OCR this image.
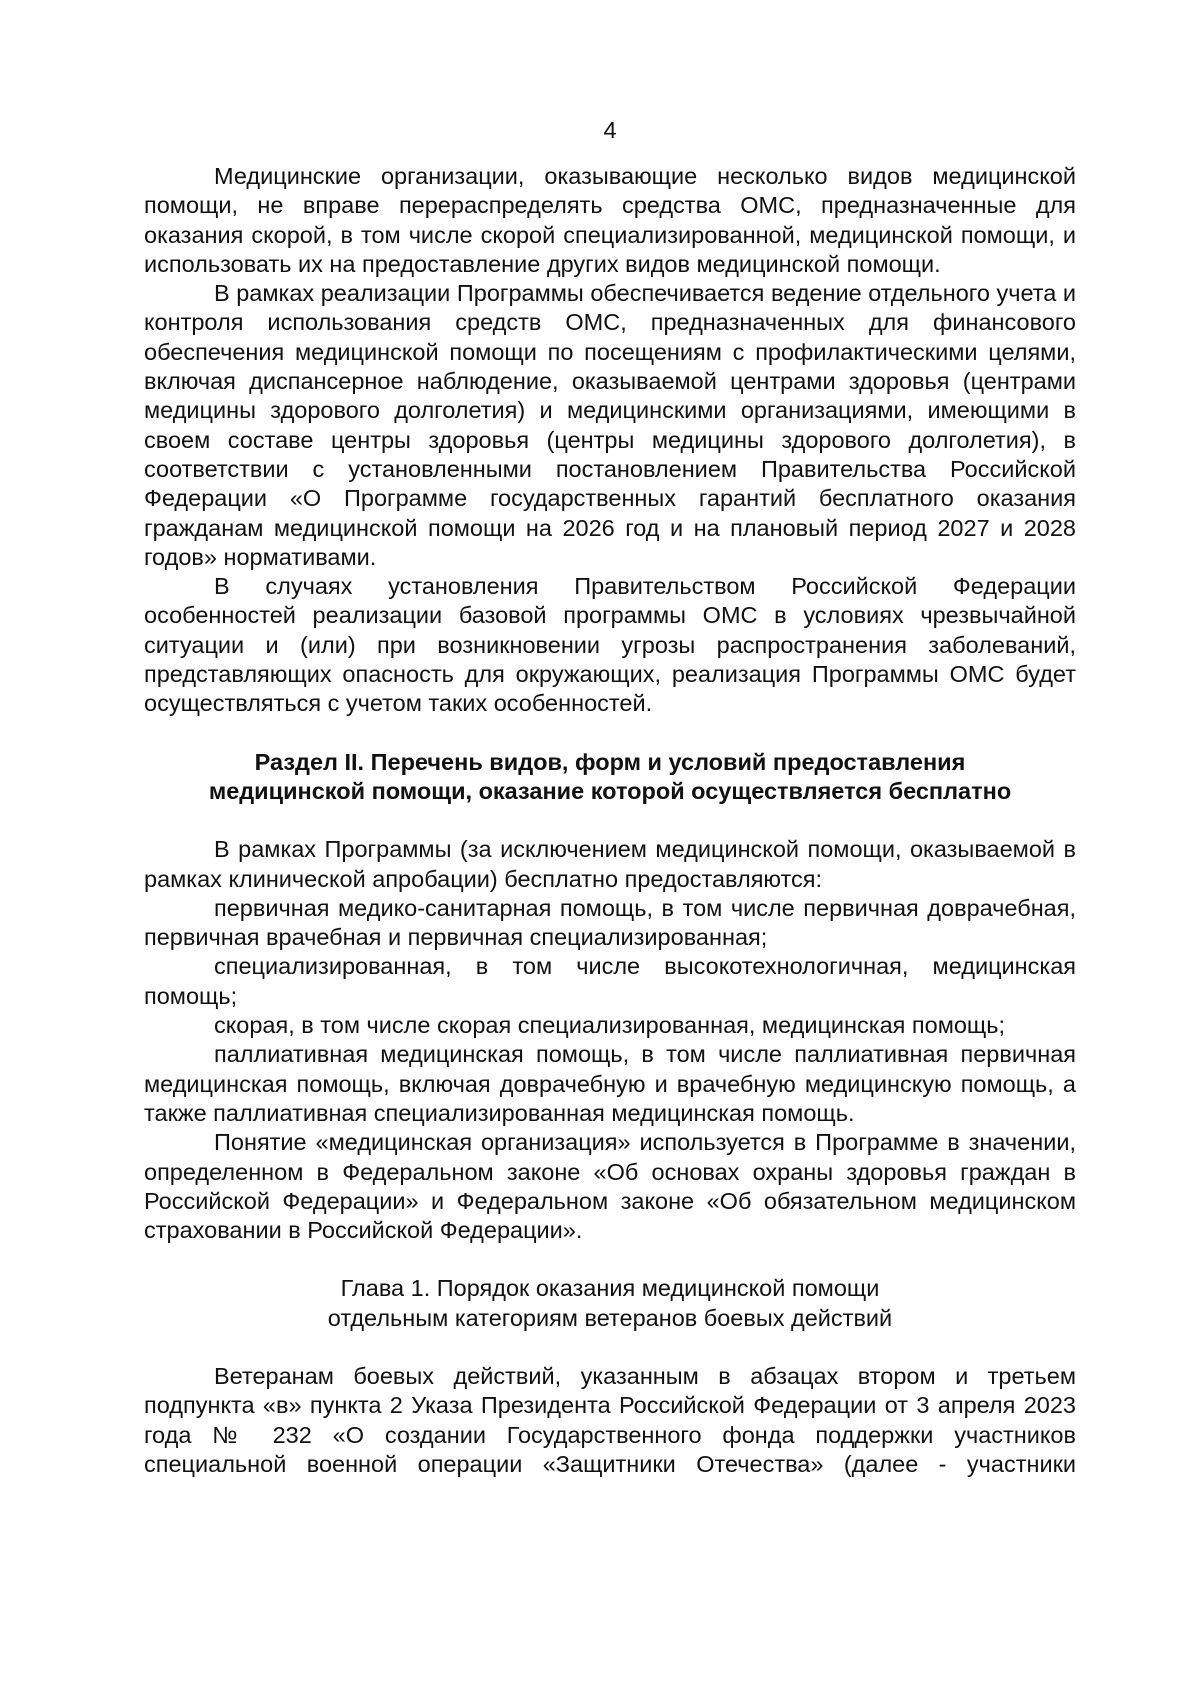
4

Медицинские организации, оказывающие несколько видов медицинской помощи, не вправе перераспределять средства ОМС, предназначенные для оказания скорой, в том числе скорой специализированной, медицинской помощи, и использовать их на предоставление других видов медицинской помощи.

В рамках реализации Программы обеспечивается ведение отдельного учета и контроля использования средств ОМС, предназначенных для финансового обеспечения медицинской помощи по посещениям с профилактическими целями, включая диспансерное наблюдение, оказываемой центрами здоровья (центрами медицины здорового долголетия) и медицинскими организациями, имеющими в своем составе центры здоровья (центры медицины здорового долголетия), в соответствии с установленными постановлением Правительства Российской Федерации «О Программе государственных гарантий бесплатного оказания гражданам медицинской помощи на 2026 год и на плановый период 2027 и 2028 годов» нормативами.

В случаях установления Правительством Российской Федерации особенностей реализации базовой программы ОМС в условиях чрезвычайной ситуации и (или) при возникновении угрозы распространения заболеваний, представляющих опасность для окружающих, реализация Программы ОМС будет осуществляться с учетом таких особенностей.

Раздел II. Перечень видов, форм и условий предоставления
медицинской помощи, оказание которой осуществляется бесплатно

В рамках Программы (за исключением медицинской помощи, оказываемой в рамках клинической апробации) бесплатно предоставляются:

первичная медико-санитарная помощь, в том числе первичная доврачебная, первичная врачебная и первичная специализированная;

специализированная, в том числе высокотехнологичная, медицинская помощь;

скорая, в том числе скорая специализированная, медицинская помощь;

паллиативная медицинская помощь, в том числе паллиативная первичная медицинская помощь, включая доврачебную и врачебную медицинскую помощь, а также паллиативная специализированная медицинская помощь.

Понятие «медицинская организация» используется в Программе в значении, определенном в Федеральном законе «Об основах охраны здоровья граждан в Российской Федерации» и Федеральном законе «Об обязательном медицинском страховании в Российской Федерации».

Глава 1. Порядок оказания медицинской помощи
отдельным категориям ветеранов боевых действий

Ветеранам боевых действий, указанным в абзацах втором и третьем подпункта «в» пункта 2 Указа Президента Российской Федерации от 3 апреля 2023 года № 232 «О создании Государственного фонда поддержки участников специальной военной операции «Защитники Отечества» (далее - участники
